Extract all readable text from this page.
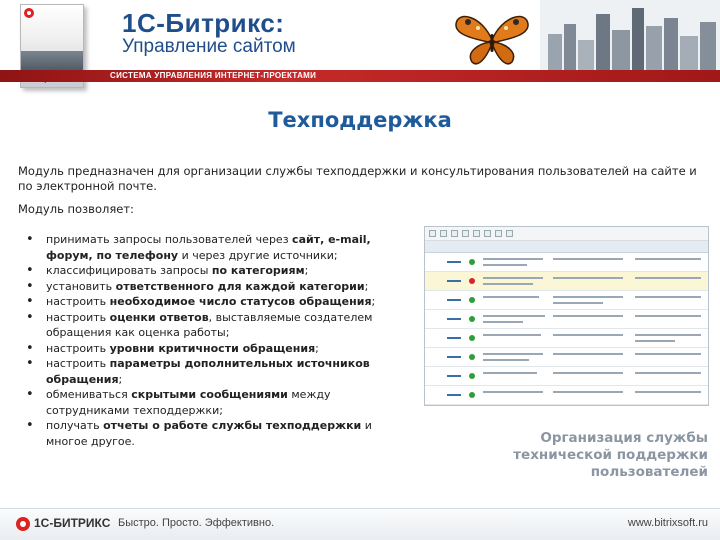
1С-Битрикс:
Управление сайтом
СИСТЕМА УПРАВЛЕНИЯ ИНТЕРНЕТ-ПРОЕКТАМИ
Техподдержка

Модуль предназначен для организации службы техподдержки и консультирования пользователей на сайте и по электронной почте.

Модуль позволяет:

• принимать запросы пользователей через сайт, e-mail, форум, по телефону и через другие источники;
• классифицировать запросы по категориям;
• установить ответственного для каждой категории;
• настроить необходимое число статусов обращения;
• настроить оценки ответов, выставляемые создателем обращения как оценка работы;
• настроить уровни критичности обращения;
• настроить параметры дополнительных источников обращения;
• обмениваться скрытыми сообщениями между сотрудниками техподдержки;
• получать отчеты о работе службы техподдержки и многое другое.	Организация службы технической поддержки пользователей
1С-БИТРИКС Быстро. Просто. Эффективно.	www.bitrixsoft.ru
